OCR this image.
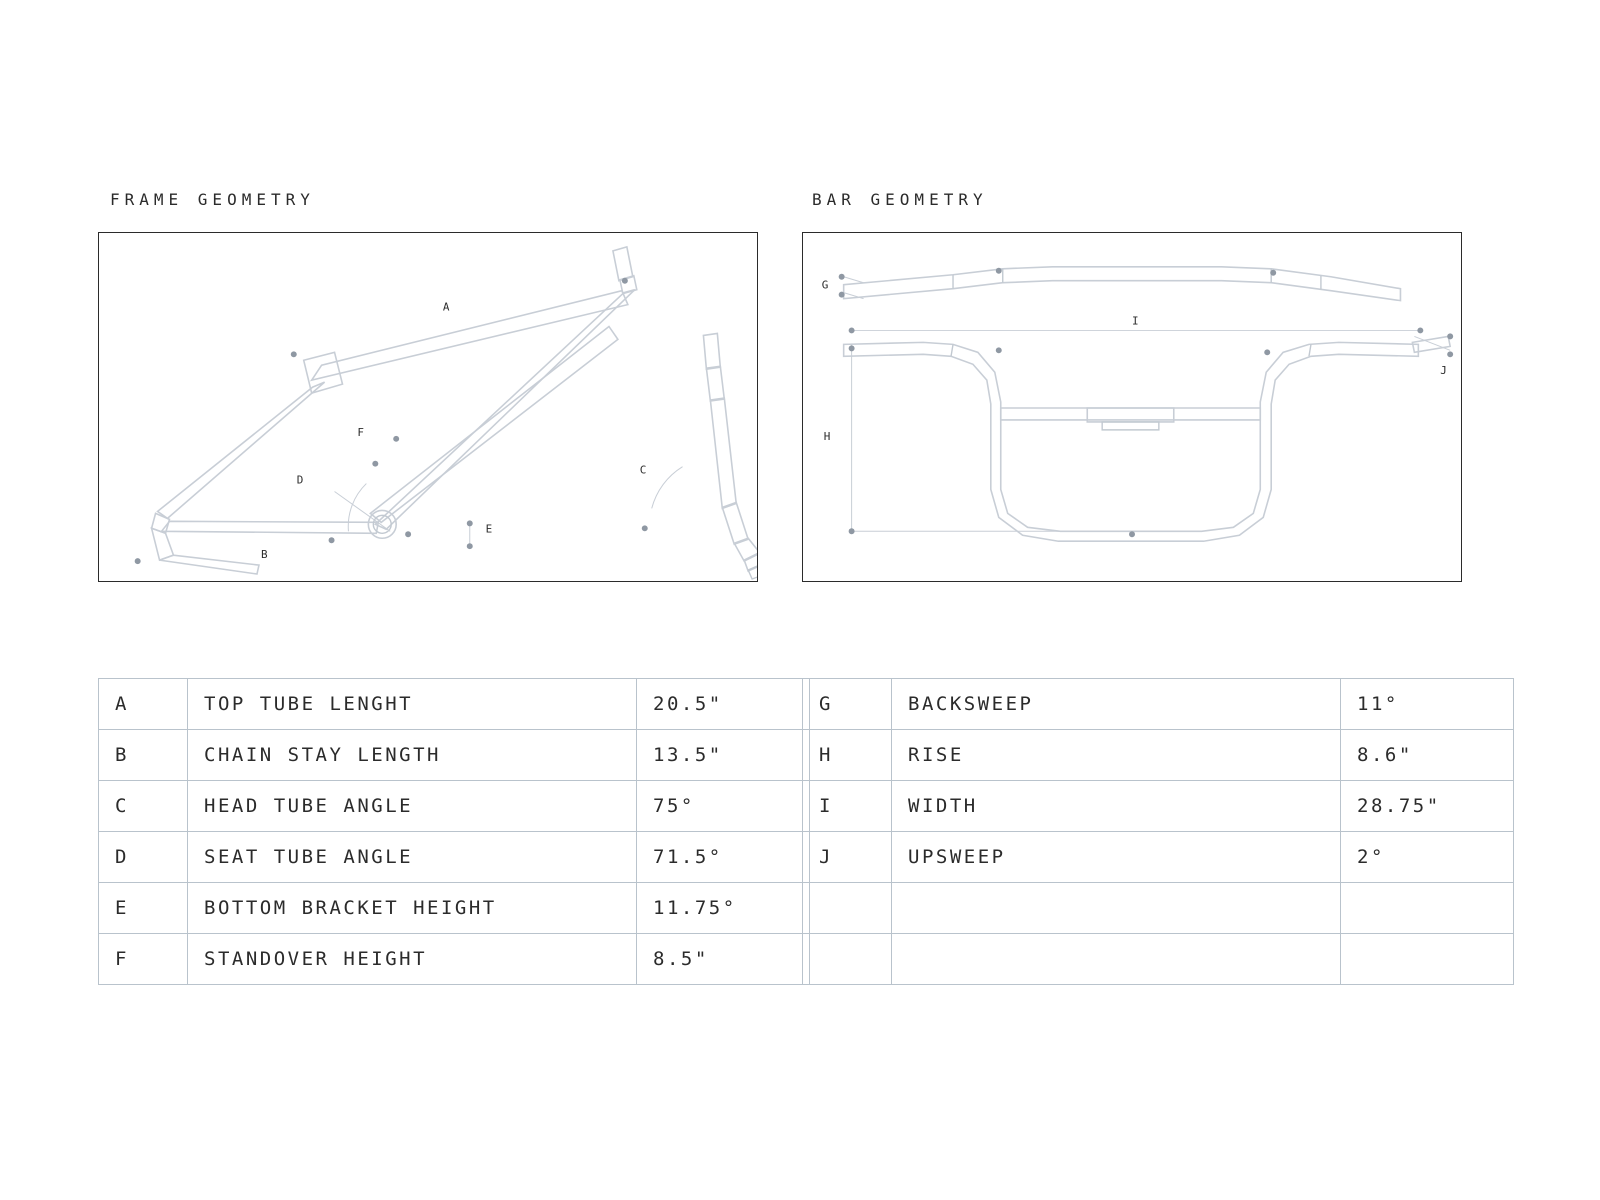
FRAME GEOMETRY
A
B
C
D
E
F
BAR GEOMETRY
G
H
I
J
A	TOP TUBE LENGHT	20.5"
B	CHAIN STAY LENGTH	13.5"
C	HEAD TUBE ANGLE	75°
D	SEAT TUBE ANGLE	71.5°
E	BOTTOM BRACKET HEIGHT	11.75°
F	STANDOVER HEIGHT	8.5"
G	BACKSWEEP	11°
H	RISE	8.6"
I	WIDTH	28.75"
J	UPSWEEP	2°
